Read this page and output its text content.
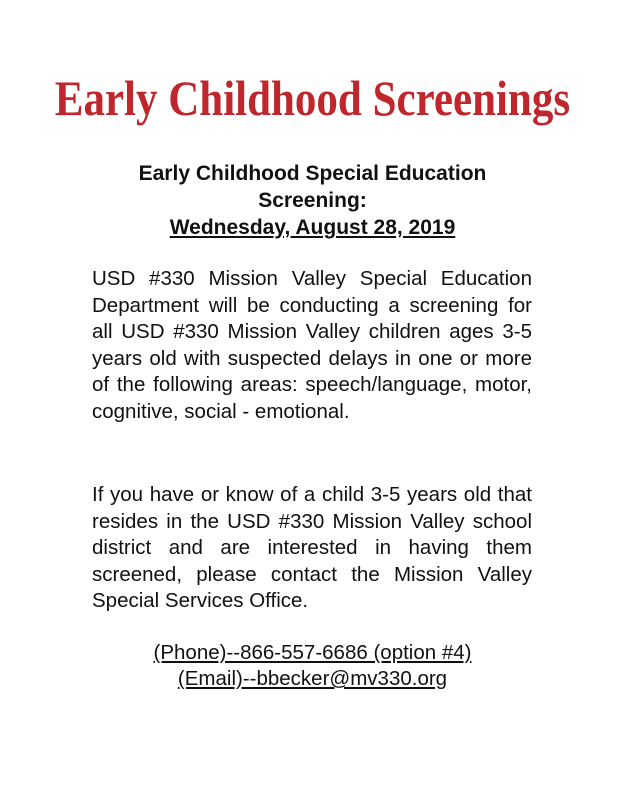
Early Childhood Screenings
Early Childhood Special Education
Screening:
Wednesday, August 28, 2019
USD #330 Mission Valley Special Education Department will be conducting a screening for all USD #330 Mission Valley children ages 3-5 years old with suspected delays in one or more of the following areas: speech/language, motor, cognitive, social - emotional.
If you have or know of a child 3-5 years old that resides in the USD #330 Mission Valley school district and are interested in having them screened, please contact the Mission Valley Special Services Office.
(Phone)--866-557-6686 (option #4)
(Email)--bbecker@mv330.org
